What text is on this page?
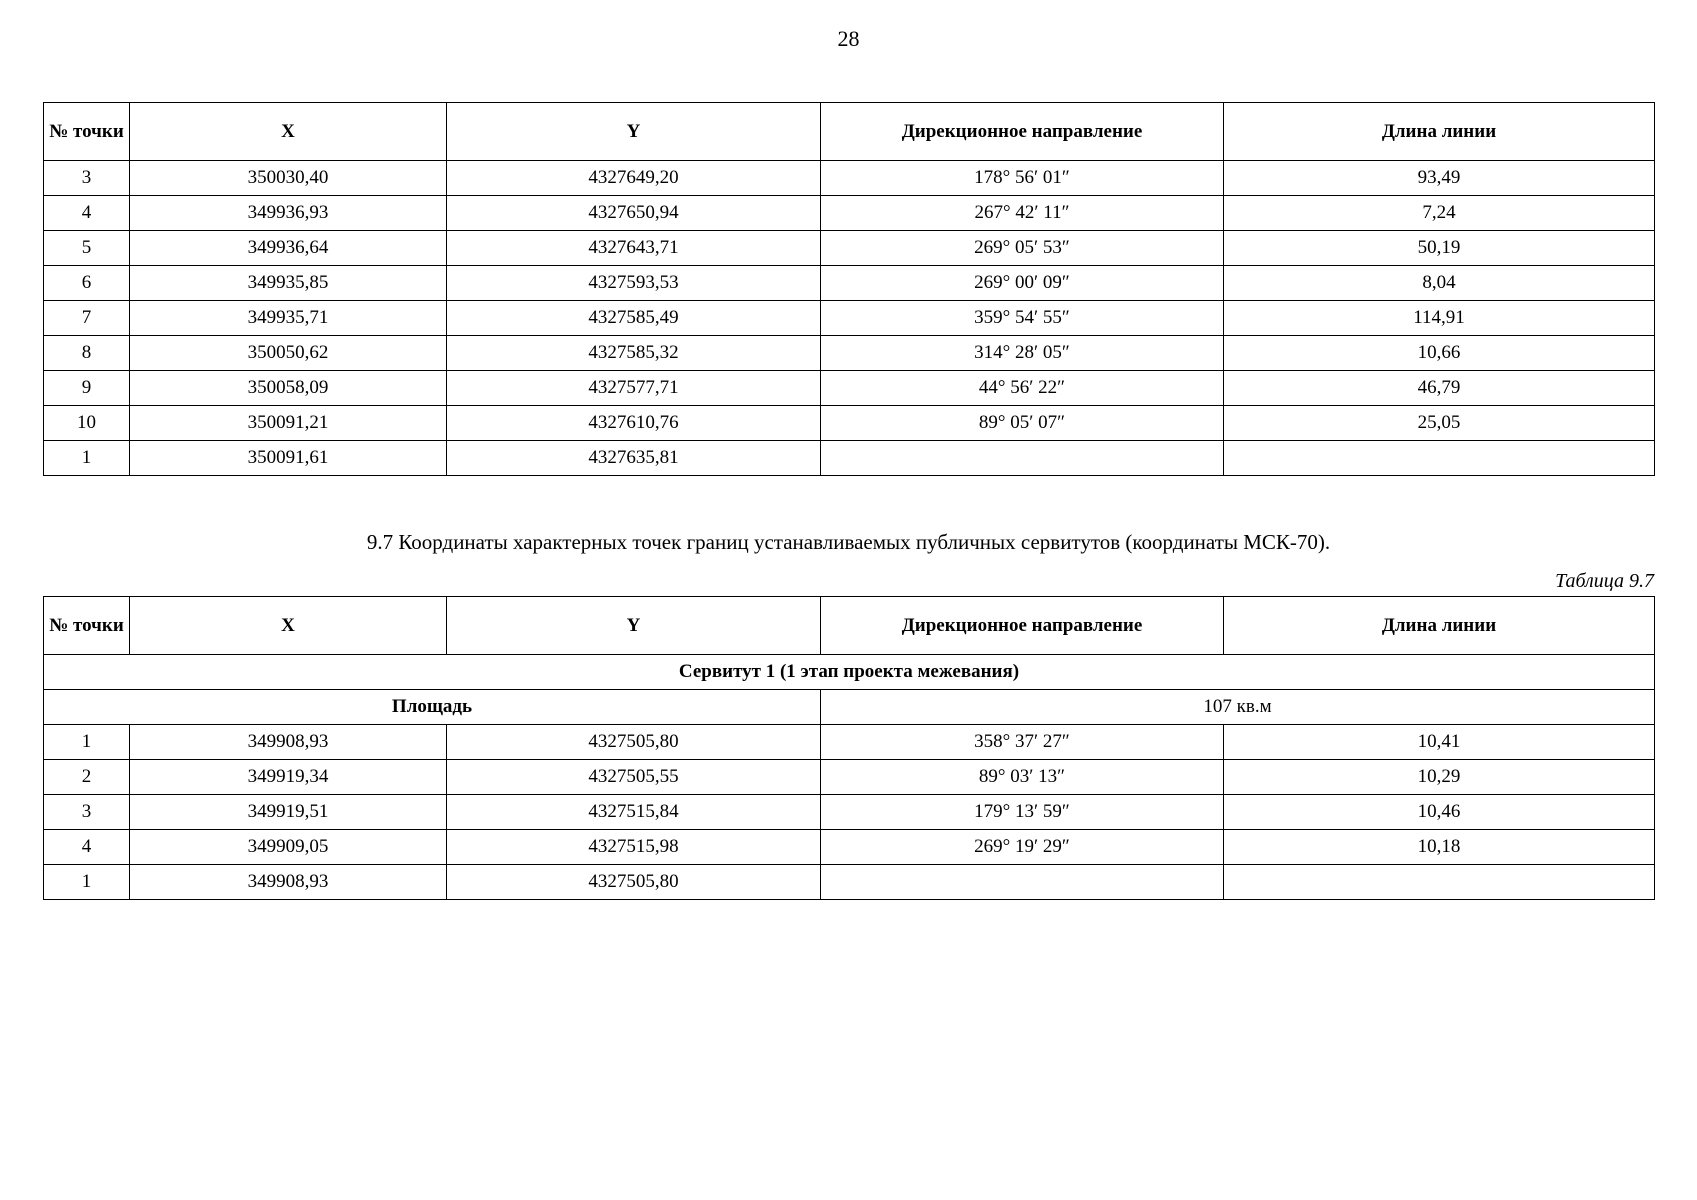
28
№ точки	X	Y	Дирекционное направление	Длина линии
3	350030,40	4327649,20	178° 56′ 01″	93,49
4	349936,93	4327650,94	267° 42′ 11″	7,24
5	349936,64	4327643,71	269° 05′ 53″	50,19
6	349935,85	4327593,53	269° 00′ 09″	8,04
7	349935,71	4327585,49	359° 54′ 55″	114,91
8	350050,62	4327585,32	314° 28′ 05″	10,66
9	350058,09	4327577,71	44° 56′ 22″	46,79
10	350091,21	4327610,76	89° 05′ 07″	25,05
1	350091,61	4327635,81		
9.7 Координаты характерных точек границ устанавливаемых публичных сервитутов (координаты МСК-70).
Таблица 9.7
№ точки	X	Y	Дирекционное направление	Длина линии
Сервитут 1 (1 этап проекта межевания)				
Площадь			107 кв.м	
1	349908,93	4327505,80	358° 37′ 27″	10,41
2	349919,34	4327505,55	89° 03′ 13″	10,29
3	349919,51	4327515,84	179° 13′ 59″	10,46
4	349909,05	4327515,98	269° 19′ 29″	10,18
1	349908,93	4327505,80		
